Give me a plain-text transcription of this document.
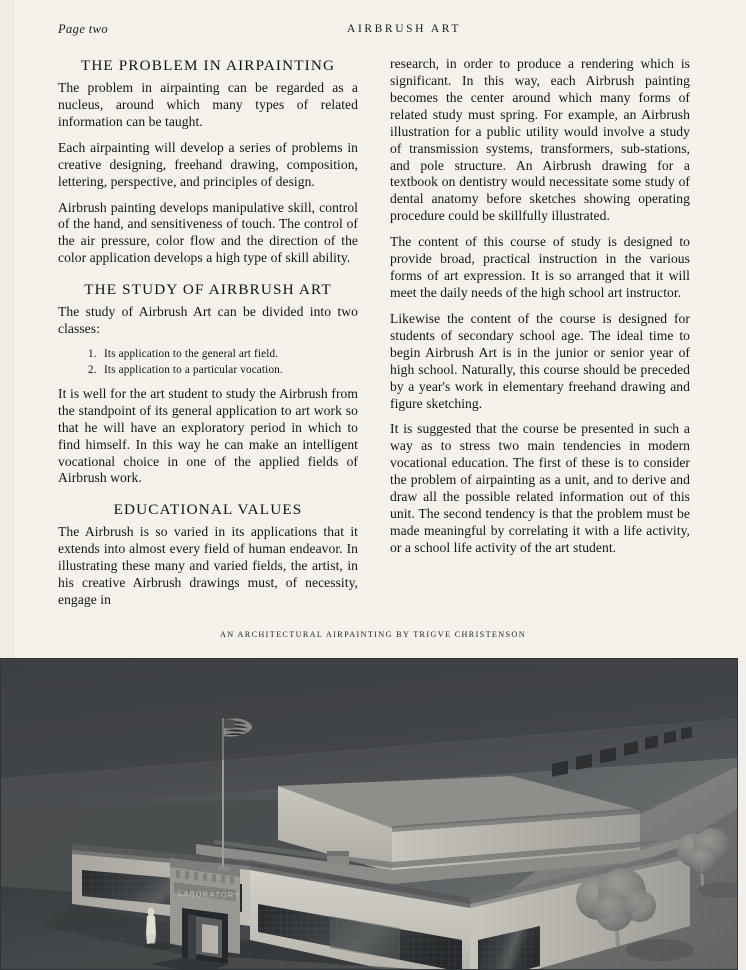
Page two	AIRBRUSH ART
THE PROBLEM IN AIRPAINTING

The problem in airpainting can be regarded as a nucleus, around which many types of related information can be taught.

Each airpainting will develop a series of problems in creative designing, freehand drawing, composition, lettering, perspective, and principles of design.

Airbrush painting develops manipulative skill, control of the hand, and sensitiveness of touch. The control of the air pressure, color flow and the direction of the color application develops a high type of skill ability.

THE STUDY OF AIRBRUSH ART

The study of Airbrush Art can be divided into two classes:

Its application to the general art field.
Its application to a particular vocation.

It is well for the art student to study the Airbrush from the standpoint of its general application to art work so that he will have an exploratory period in which to find himself. In this way he can make an intelligent vocational choice in one of the applied fields of Airbrush work.

EDUCATIONAL VALUES

The Airbrush is so varied in its applications that it extends into almost every field of human endeavor. In illustrating these many and varied fields, the artist, in his creative Airbrush drawings must, of necessity, engage in

research, in order to produce a rendering which is significant. In this way, each Airbrush painting becomes the center around which many forms of related study must spring. For example, an Airbrush illustration for a public utility would involve a study of transmission systems, transformers, sub-stations, and pole structure. An Airbrush drawing for a textbook on dentistry would necessitate some study of dental anatomy before sketches showing operating procedure could be skillfully illustrated.

The content of this course of study is designed to provide broad, practical instruction in the various forms of art expression. It is so arranged that it will meet the daily needs of the high school art instructor.

Likewise the content of the course is designed for students of secondary school age. The ideal time to begin Airbrush Art is in the junior or senior year of high school. Naturally, this course should be preceded by a year's work in elementary freehand drawing and figure sketching.

It is suggested that the course be presented in such a way as to stress two main tendencies in modern vocational education. The first of these is to consider the problem of airpainting as a unit, and to derive and draw all the possible related information out of this unit. The second tendency is that the problem must be made meaningful by correlating it with a life activity, or a school life activity of the art student.

AN ARCHITECTURAL AIRPAINTING BY TRIGVE CHRISTENSON
LABORATORY
